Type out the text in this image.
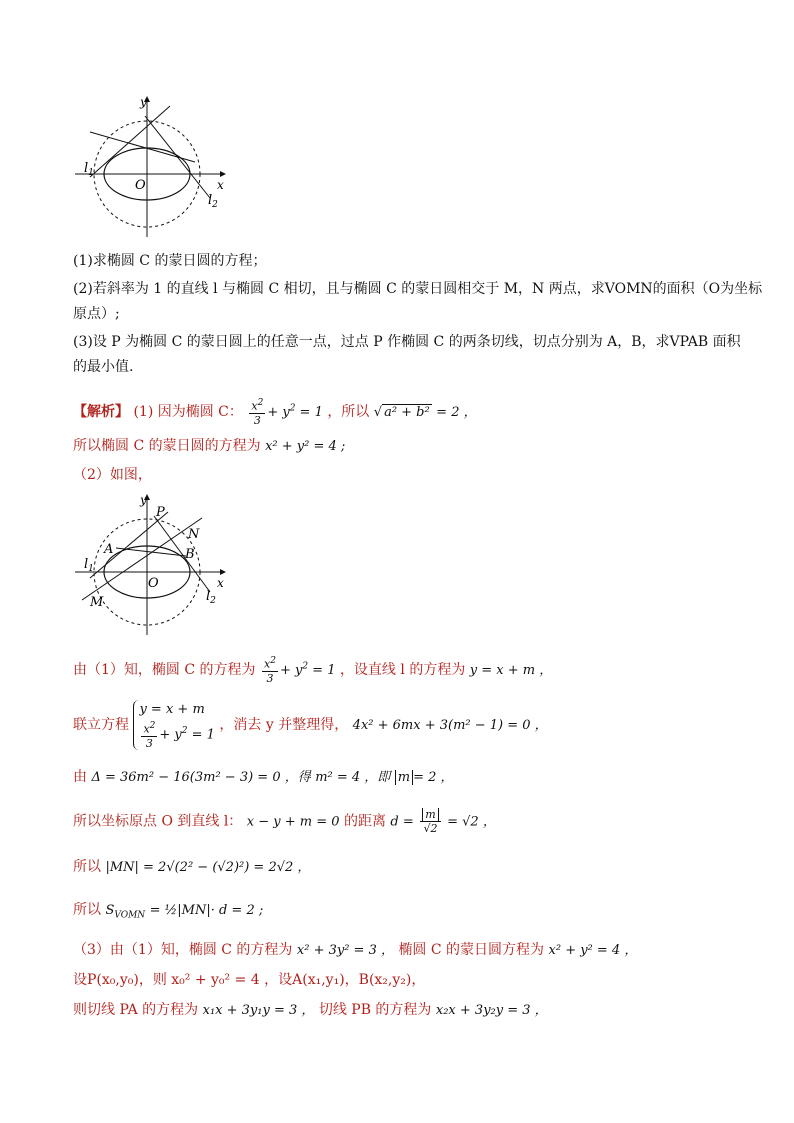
y
x
O
$l_1$
$l_2$
(1)求椭圆 C 的蒙日圆的方程；
(2)若斜率为 1 的直线 l 与椭圆 C 相切，且与椭圆 C 的蒙日圆相交于 M，N 两点，求VOMN的面积（O为坐标
原点）;
(3)设 P 为椭圆 C 的蒙日圆上的任意一点，过点 P 作椭圆 C 的两条切线，切点分别为 A，B，求VPAB 面积
的最小值.
【解析】 (1) 因为椭圆 C： $\frac{x^2}{3} + y^2 = 1$ ，所以 √ a² + b² = 2 ，
所以椭圆 C 的蒙日圆的方程为 x² + y² = 4 ;
（2）如图，
y
x
O
P
N
A	B
M
$l_1$
$l_2$
由（1）知，椭圆 C 的方程为 $\frac{x^2}{3} + y^2 = 1$ ，设直线 l 的方程为 y = x + m ，
联立方程
y = x + m
$\frac{x^2}{3} + y^2 = 1$
，消去 y 并整理得， 4x² + 6mx + 3(m² − 1) = 0 ，
由 Δ = 36m² − 16(3m² − 3) = 0 ，得 m² = 4 ，即 m = 2 ，
所以坐标原点 O 到直线 l： x − y + m = 0 的距离 $d = \frac{m}{√2} = √2$ ，
所以 |MN| = 2√(2² − (√2)²) = 2√2 ，
所以 $S_{VOMN}$ = ½|MN|· d = 2 ;
（3）由（1）知，椭圆 C 的方程为 x² + 3y² = 3 ， 椭圆 C 的蒙日圆方程为 x² + y² = 4 ，
设P(x₀,y₀)，则 x₀² + y₀² = 4 ，设A(x₁,y₁)，B(x₂,y₂)，
则切线 PA 的方程为 x₁x + 3y₁y = 3 ， 切线 PB 的方程为 x₂x + 3y₂y = 3 ，
